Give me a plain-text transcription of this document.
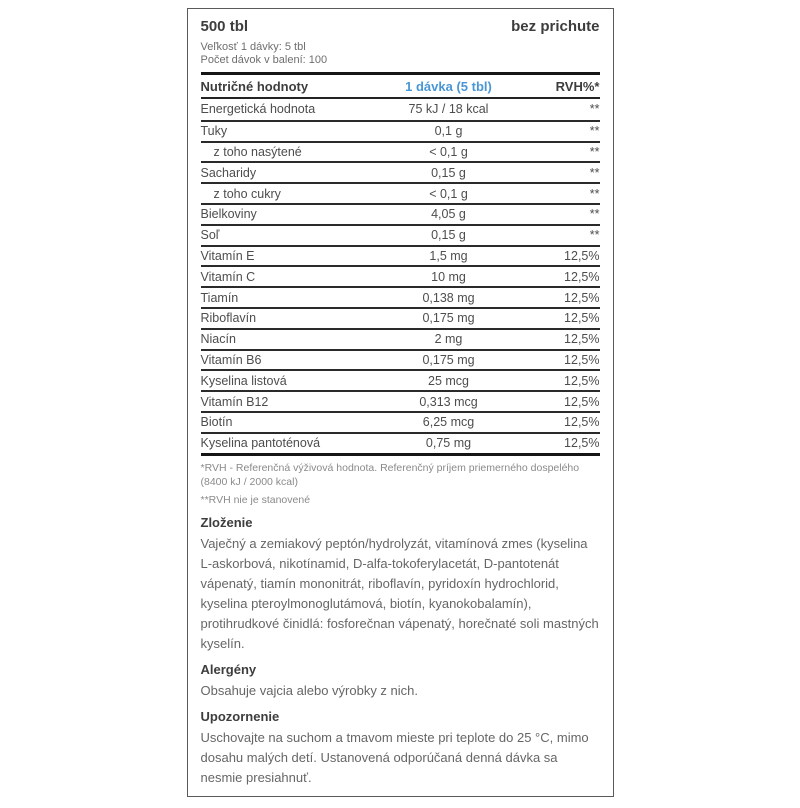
500 tbl	bez prichute
Veľkosť 1 dávky: 5 tbl
Počet dávok v balení: 100
Nutričné hodnoty	1 dávka (5 tbl)	RVH%*
Energetická hodnota	75 kJ / 18 kcal	**
Tuky	0,1 g	**
z toho nasýtené	< 0,1 g	**
Sacharidy	0,15 g	**
z toho cukry	< 0,1 g	**
Bielkoviny	4,05 g	**
Soľ	0,15 g	**
Vitamín E	1,5 mg	12,5%
Vitamín C	10 mg	12,5%
Tiamín	0,138 mg	12,5%
Riboflavín	0,175 mg	12,5%
Niacín	2 mg	12,5%
Vitamín B6	0,175 mg	12,5%
Kyselina listová	25 mcg	12,5%
Vitamín B12	0,313 mcg	12,5%
Biotín	6,25 mcg	12,5%
Kyselina pantoténová	0,75 mg	12,5%
*RVH - Referenčná výživová hodnota. Referenčný príjem priemerného dospelého (8400 kJ / 2000 kcal)
**RVH nie je stanovené
Zloženie
Vaječný a zemiakový peptón/hydrolyzát, vitamínová zmes (kyselina L-askorbová, nikotínamid, D-alfa-tokoferylacetát, D-pantotenát vápenatý, tiamín mononitrát, riboflavín, pyridoxín hydrochlorid, kyselina pteroylmonoglutámová, biotín, kyanokobalamín), protihrudkové činidlá: fosforečnan vápenatý, horečnaté soli mastných kyselín.
Alergény
Obsahuje vajcia alebo výrobky z nich.
Upozornenie
Uschovajte na suchom a tmavom mieste pri teplote do 25 °C, mimo dosahu malých detí. Ustanovená odporúčaná denná dávka sa nesmie presiahnuť.
